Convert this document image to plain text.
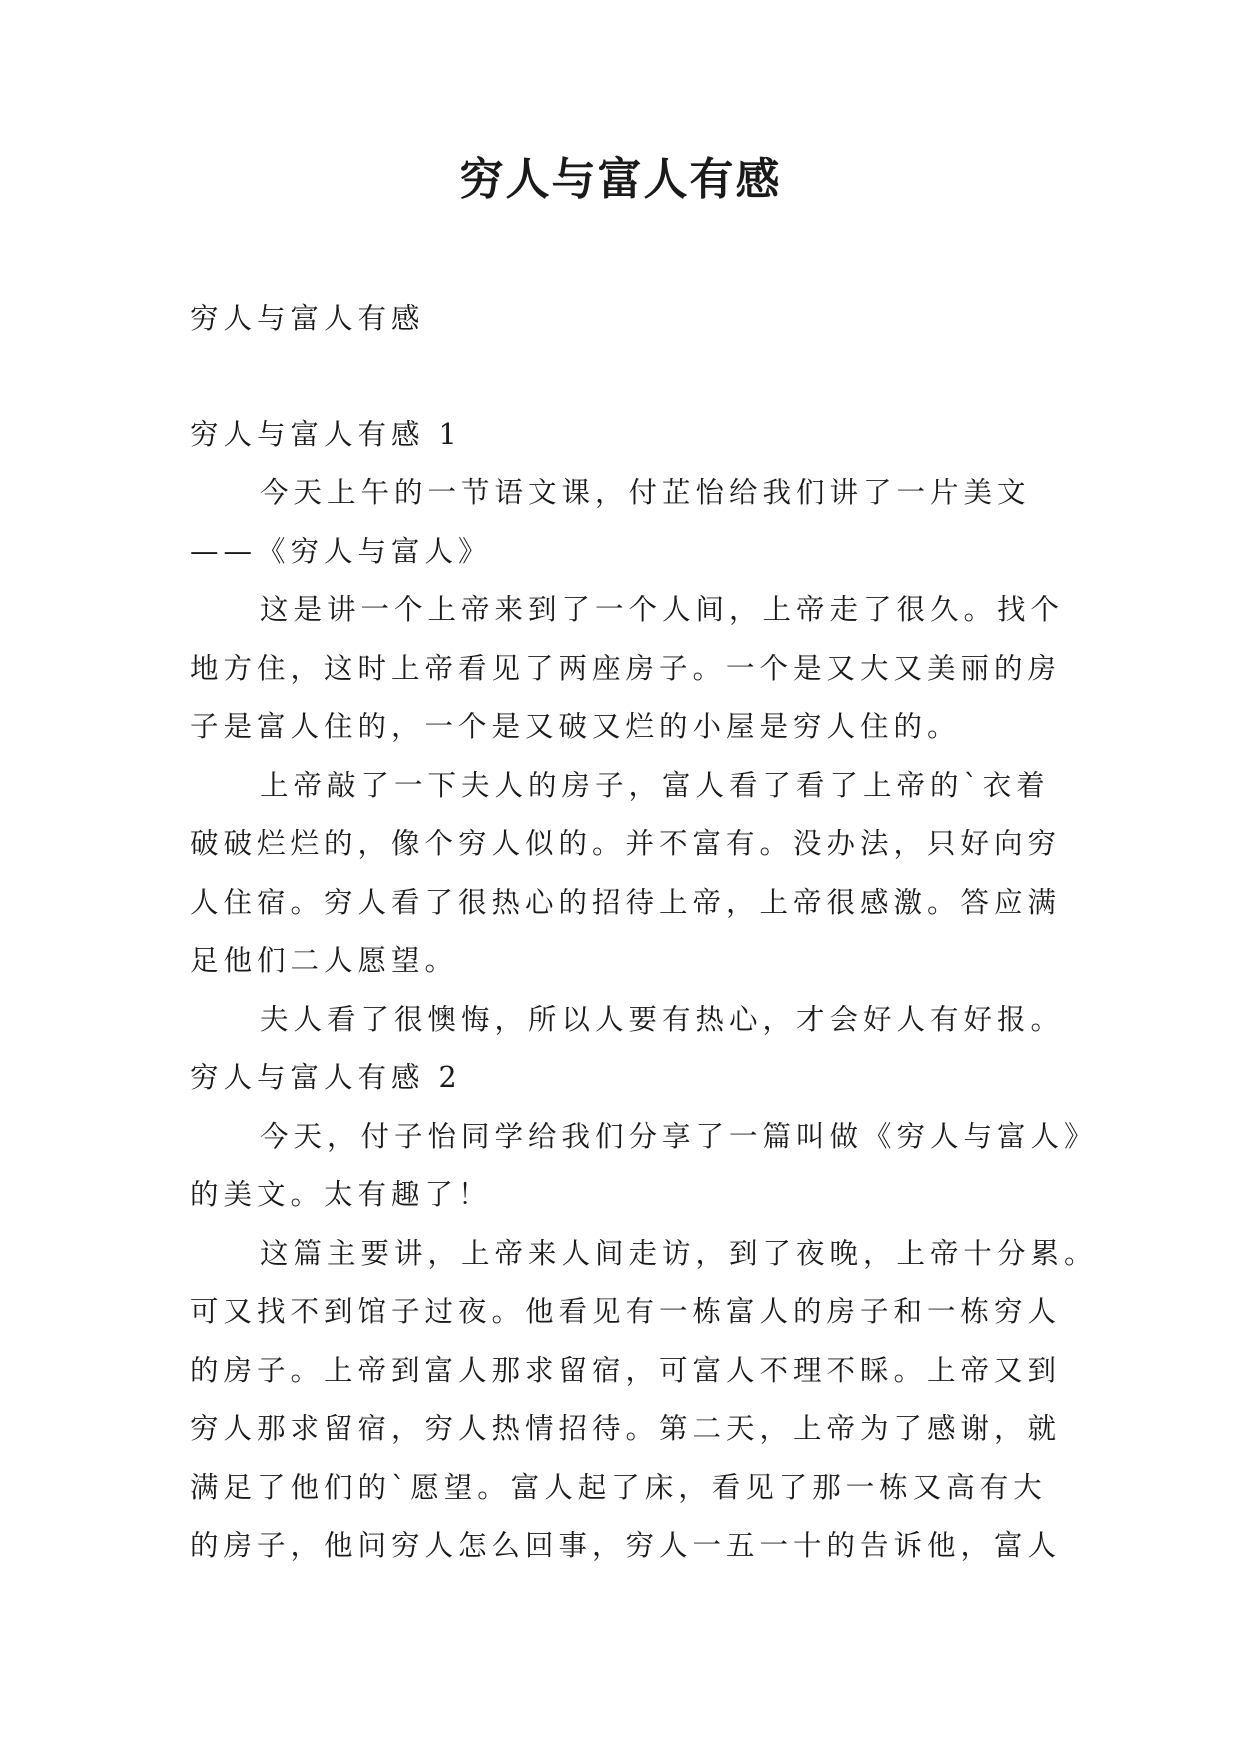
穷人与富人有感

穷人与富人有感

穷人与富人有感 1

今天上午的一节语文课，付芷怡给我们讲了一片美文

——《穷人与富人》

这是讲一个上帝来到了一个人间，上帝走了很久。找个

地方住，这时上帝看见了两座房子。一个是又大又美丽的房

子是富人住的，一个是又破又烂的小屋是穷人住的。

上帝敲了一下夫人的房子，富人看了看了上帝的`衣着

破破烂烂的，像个穷人似的。并不富有。没办法，只好向穷

人住宿。穷人看了很热心的招待上帝，上帝很感激。答应满

足他们二人愿望。

夫人看了很懊悔，所以人要有热心，才会好人有好报。

穷人与富人有感 2

今天，付子怡同学给我们分享了一篇叫做《穷人与富人》

的美文。太有趣了！

这篇主要讲，上帝来人间走访，到了夜晚，上帝十分累。

可又找不到馆子过夜。他看见有一栋富人的房子和一栋穷人

的房子。上帝到富人那求留宿，可富人不理不睬。上帝又到

穷人那求留宿，穷人热情招待。第二天，上帝为了感谢，就

满足了他们的`愿望。富人起了床，看见了那一栋又高有大

的房子，他问穷人怎么回事，穷人一五一十的告诉他，富人
